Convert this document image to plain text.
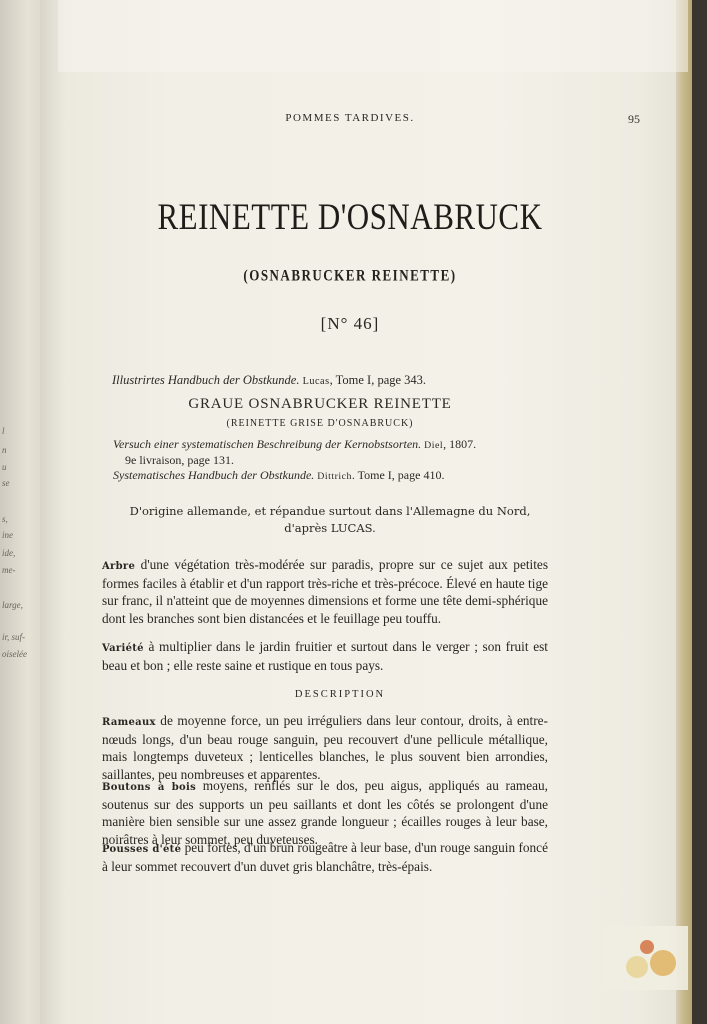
l
n
u
se
s,
ine
ide,
me-
large,
ir, suf-
oiselée
POMMES TARDIVES.	95
REINETTE D'OSNABRUCK
(OSNABRUCKER REINETTE)
[N° 46]
Illustrirtes Handbuch der Obstkunde. Lucas, Tome I, page 343.
GRAUE OSNABRUCKER REINETTE
(REINETTE GRISE D'OSNABRUCK)
Versuch einer systematischen Beschreibung der Kernobstsorten. Diel, 1807.
9e livraison, page 131.
Systematisches Handbuch der Obstkunde. Dittrich. Tome I, page 410.
D'origine allemande, et répandue surtout dans l'Allemagne du Nord,
d'après LUCAS.
Arbre d'une végétation très-modérée sur paradis, propre sur ce sujet aux petites formes faciles à établir et d'un rapport très-riche et très-précoce. Élevé en haute tige sur franc, il n'atteint que de moyennes dimensions et forme une tête demi-sphérique dont les branches sont bien distancées et le feuillage peu touffu.
Variété à multiplier dans le jardin fruitier et surtout dans le verger ; son fruit est beau et bon ; elle reste saine et rustique en tous pays.
DESCRIPTION
Rameaux de moyenne force, un peu irréguliers dans leur contour, droits, à entre-nœuds longs, d'un beau rouge sanguin, peu recouvert d'une pellicule métallique, mais longtemps duveteux ; lenticelles blanches, le plus souvent bien arrondies, saillantes, peu nombreuses et apparentes.
Boutons à bois moyens, renflés sur le dos, peu aigus, appliqués au rameau, soutenus sur des supports un peu saillants et dont les côtés se prolongent d'une manière bien sensible sur une assez grande longueur ; écailles rouges à leur base, noirâtres à leur sommet, peu duveteuses.
Pousses d'été peu fortes, d'un brun rougeâtre à leur base, d'un rouge sanguin foncé à leur sommet recouvert d'un duvet gris blanchâtre, très-épais.
